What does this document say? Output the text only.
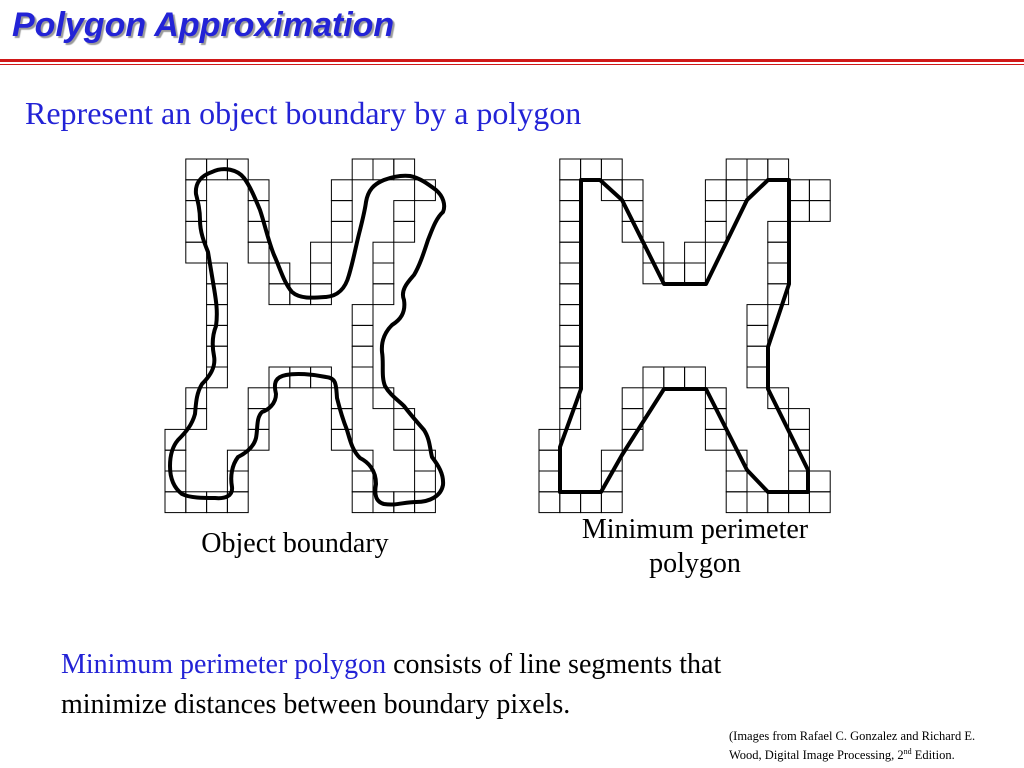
Polygon Approximation
Represent an object boundary by a polygon
Object boundary	Minimum perimeter
polygon
Minimum perimeter polygon consists of line segments that
minimize distances between boundary pixels.
(Images from Rafael C. Gonzalez and Richard E.
Wood, Digital Image Processing, 2nd Edition.
